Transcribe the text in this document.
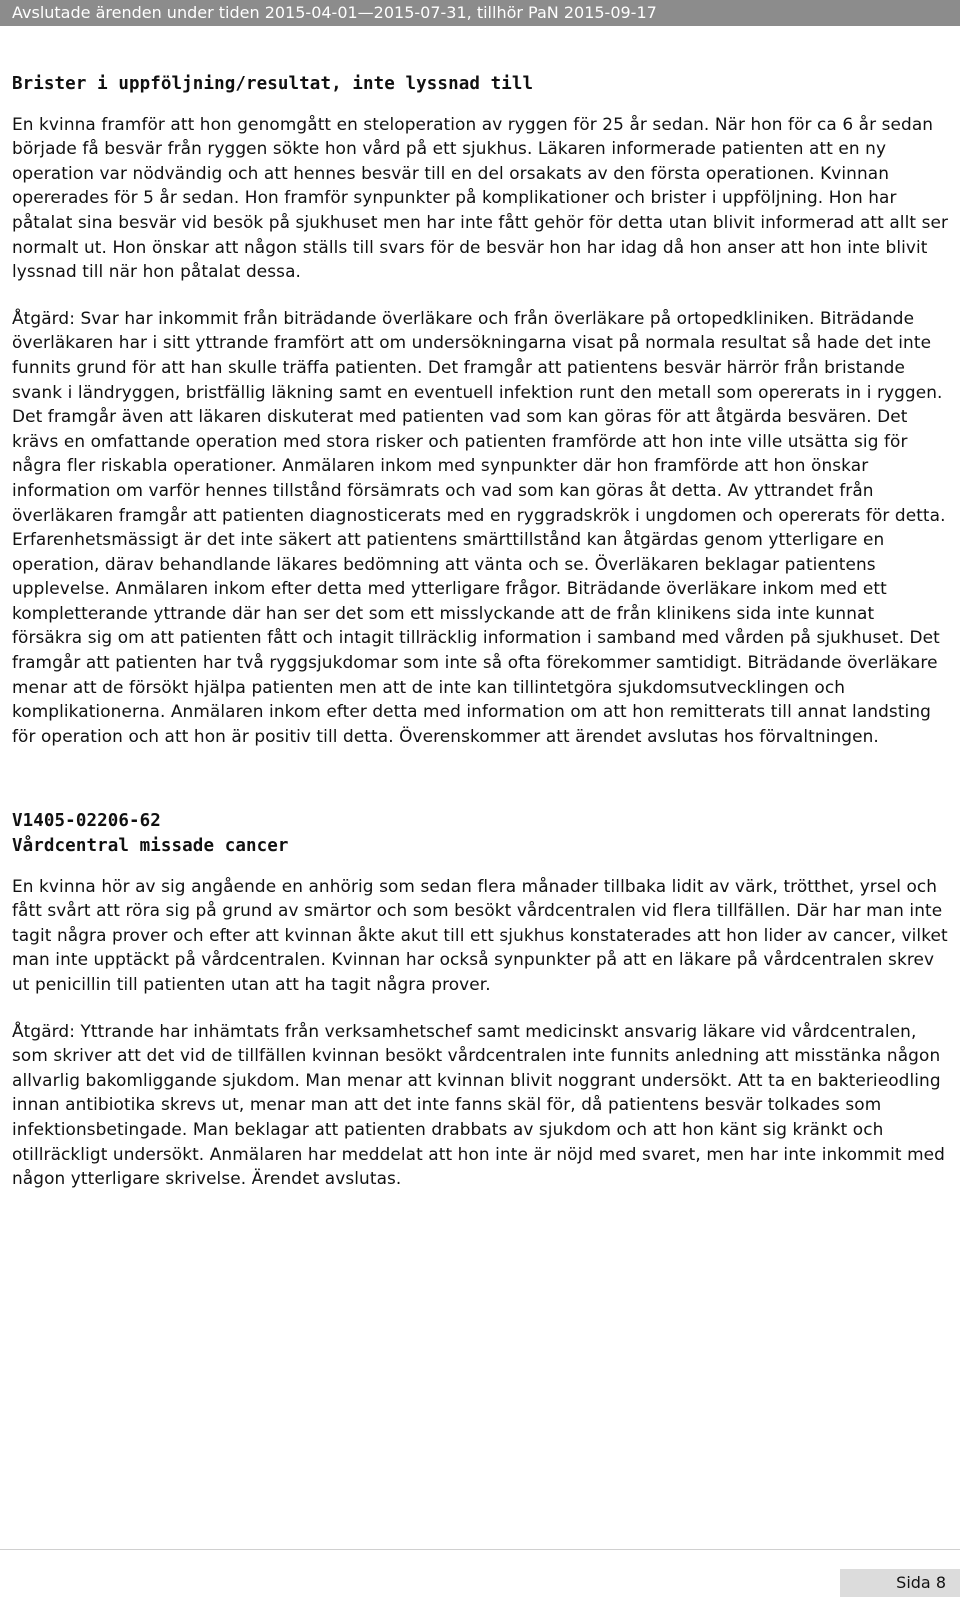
Avslutade ärenden under tiden 2015-04-01—2015-07-31, tillhör PaN 2015-09-17
Brister i uppföljning/resultat, inte lyssnad till

En kvinna framför att hon genomgått en steloperation av ryggen för 25 år sedan. När hon för ca 6 år sedan började få besvär från ryggen sökte hon vård på ett sjukhus. Läkaren informerade patienten att en ny operation var nödvändig och att hennes besvär till en del orsakats av den första operationen. Kvinnan opererades för 5 år sedan. Hon framför synpunkter på komplikationer och brister i uppföljning. Hon har påtalat sina besvär vid besök på sjukhuset men har inte fått gehör för detta utan blivit informerad att allt ser normalt ut. Hon önskar att någon ställs till svars för de besvär hon har idag då hon anser att hon inte blivit lyssnad till när hon påtalat dessa.

Åtgärd: Svar har inkommit från biträdande överläkare och från överläkare på ortopedkliniken. Biträdande överläkaren har i sitt yttrande framfört att om undersökningarna visat på normala resultat så hade det inte funnits grund för att han skulle träffa patienten. Det framgår att patientens besvär härrör från bristande svank i ländryggen, bristfällig läkning samt en eventuell infektion runt den metall som opererats in i ryggen. Det framgår även att läkaren diskuterat med patienten vad som kan göras för att åtgärda besvären. Det krävs en omfattande operation med stora risker och patienten framförde att hon inte ville utsätta sig för några fler riskabla operationer. Anmälaren inkom med synpunkter där hon framförde att hon önskar information om varför hennes tillstånd försämrats och vad som kan göras åt detta. Av yttrandet från överläkaren framgår att patienten diagnosticerats med en ryggradskrök i ungdomen och opererats för detta. Erfarenhetsmässigt är det inte säkert att patientens smärttillstånd kan åtgärdas genom ytterligare en operation, därav behandlande läkares bedömning att vänta och se. Överläkaren beklagar patientens upplevelse. Anmälaren inkom efter detta med ytterligare frågor. Biträdande överläkare inkom med ett kompletterande yttrande där han ser det som ett misslyckande att de från klinikens sida inte kunnat försäkra sig om att patienten fått och intagit tillräcklig information i samband med vården på sjukhuset. Det framgår att patienten har två ryggsjukdomar som inte så ofta förekommer samtidigt. Biträdande överläkare menar att de försökt hjälpa patienten men att de inte kan tillintetgöra sjukdomsutvecklingen och komplikationerna. Anmälaren inkom efter detta med information om att hon remitterats till annat landsting för operation och att hon är positiv till detta. Överenskommer att ärendet avslutas hos förvaltningen.

V1405-02206-62
Vårdcentral missade cancer

En kvinna hör av sig angående en anhörig som sedan flera månader tillbaka lidit av värk, trötthet, yrsel och fått svårt att röra sig på grund av smärtor och som besökt vårdcentralen vid flera tillfällen. Där har man inte tagit några prover och efter att kvinnan åkte akut till ett sjukhus konstaterades att hon lider av cancer, vilket man inte upptäckt på vårdcentralen. Kvinnan har också synpunkter på att en läkare på vårdcentralen skrev ut penicillin till patienten utan att ha tagit några prover.

Åtgärd: Yttrande har inhämtats från verksamhetschef samt medicinskt ansvarig läkare vid vårdcentralen, som skriver att det vid de tillfällen kvinnan besökt vårdcentralen inte funnits anledning att misstänka någon allvarlig bakomliggande sjukdom. Man menar att kvinnan blivit noggrant undersökt. Att ta en bakterieodling innan antibiotika skrevs ut, menar man att det inte fanns skäl för, då patientens besvär tolkades som infektionsbetingade. Man beklagar att patienten drabbats av sjukdom och att hon känt sig kränkt och otillräckligt undersökt. Anmälaren har meddelat att hon inte är nöjd med svaret, men har inte inkommit med någon ytterligare skrivelse. Ärendet avslutas.

Sida 8
